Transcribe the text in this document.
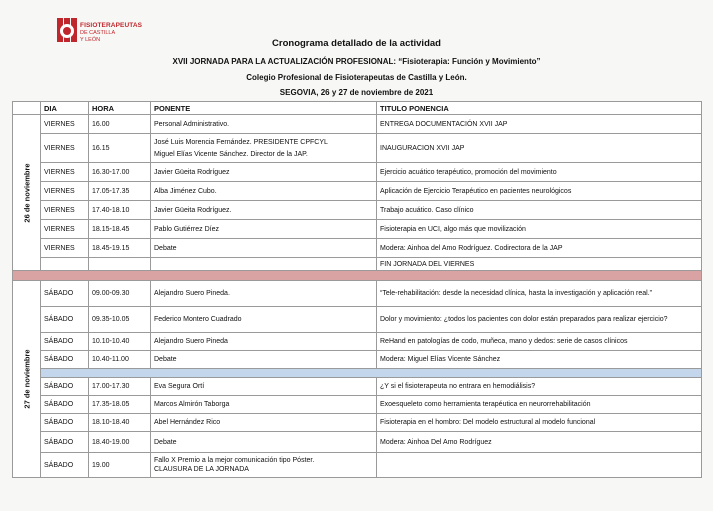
FISIOTERAPEUTAS
DE CASTILLA
Y LEÓN	Cronograma detallado de la actividad
XVII JORNADA PARA LA ACTUALIZACIÓN PROFESIONAL: “Fisioterapia: Función y Movimiento”
Colegio Profesional de Fisioterapeutas de Castilla y León.
SEGOVIA, 26 y 27 de noviembre de 2021
	DIA	HORA	PONENTE	TITULO PONENCIA

26 de noviembre	VIERNES	16.00	Personal Administrativo.	ENTREGA DOCUMENTACIÓN XVII JAP
	VIERNES	16.15	José Luis Morencia Fernández. PRESIDENTE CPFCYL
Miguel Elías Vicente Sánchez. Director de la JAP.	INAUGURACION XVII JAP
	VIERNES	16.30-17.00	Javier Güeita Rodríguez	Ejercicio acuático terapéutico, promoción del movimiento
	VIERNES	17.05-17.35	Alba Jiménez Cubo.	Aplicación de Ejercicio Terapéutico en pacientes neurológicos
	VIERNES	17.40-18.10	Javier Güeita Rodríguez.	Trabajo acuático. Caso clínico
	VIERNES	18.15-18.45	Pablo Gutiérrez Díez	Fisioterapia en UCI, algo más que movilización
	VIERNES	18.45-19.15	Debate	Modera: Ainhoa del Amo Rodríguez. Codirectora de la JAP
				FIN JORNADA DEL VIERNES

27 de noviembre	SÁBADO	09.00-09.30	Alejandro Suero Pineda.	“Tele-rehabilitación: desde la necesidad clínica, hasta la investigación y aplicación real.”
	SÁBADO	09.35-10.05	Federico Montero Cuadrado	Dolor y movimiento: ¿todos los pacientes con dolor están preparados para realizar ejercicio?
	SÁBADO	10.10-10.40	Alejandro Suero Pineda	ReHand en patologías de codo, muñeca, mano y dedos: serie de casos clínicos
	SÁBADO	10.40-11.00	Debate	Modera: Miguel Elías Vicente Sánchez

	SÁBADO	17.00-17.30	Eva Segura Ortí	¿Y si el fisioterapeuta no entrara en hemodiálisis?
	SÁBADO	17.35-18.05	Marcos Almirón Taborga	Exoesqueleto como herramienta terapéutica en neurorrehabilitación
	SÁBADO	18.10-18.40	Abel Hernández Rico	Fisioterapia en el hombro: Del modelo estructural al modelo funcional
	SÁBADO	18.40-19.00	Debate	Modera: Ainhoa Del Amo Rodríguez
	SÁBADO	19.00	Fallo X Premio a la mejor comunicación tipo Póster.
CLAUSURA DE LA JORNADA	
